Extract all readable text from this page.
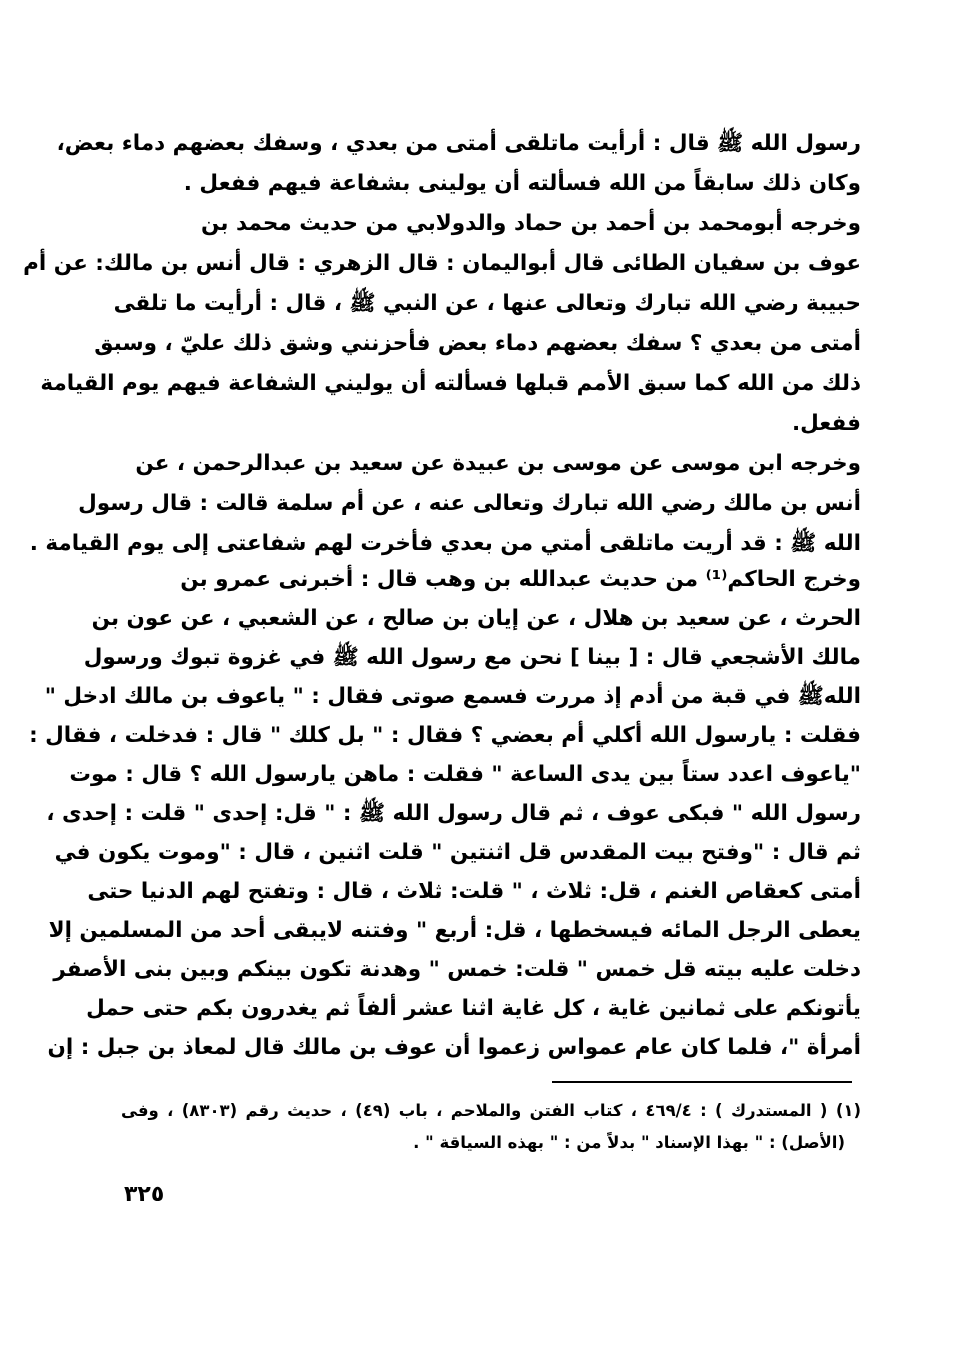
رسول الله ﷺ قال : أرأيت ماتلقى أمتى من بعدي ، وسفك بعضهم دماء بعض،
وكان ذلك سابقاً من الله فسألته أن يولينى بشفاعة فيهم ففعل .
وخرجه أبومحمد بن أحمد بن حماد والدولابي من حديث محمد بن
عوف بن سفيان الطائى قال أبواليمان : قال الزهري : قال أنس بن مالك: عن أم
حبيبة رضي الله تبارك وتعالى عنها ، عن النبي ﷺ ، قال : أرأيت ما تلقى
أمتى من بعدي ؟ سفك بعضهم دماء بعض فأحزنني وشق ذلك عليّ ، وسبق
ذلك من الله كما سبق الأمم قبلها فسألته أن يوليني الشفاعة فيهم يوم القيامة
ففعل.
وخرجه ابن موسى عن موسى بن عبيدة عن سعيد بن عبدالرحمن ، عن
أنس بن مالك رضي الله تبارك وتعالى عنه ، عن أم سلمة قالت : قال رسول
الله ﷺ : قد أريت ماتلقى أمتي من بعدي فأخرت لهم شفاعتى إلى يوم القيامة .
وخرج الحاكم⁽¹⁾ من حديث عبدالله بن وهب قال : أخبرنى عمرو بن
الحرث ، عن سعيد بن هلال ، عن إيان بن صالح ، عن الشعبي ، عن عون بن
مالك الأشجعي قال : [ بينا ] نحن مع رسول الله ﷺ في غزوة تبوك ورسول
اللهﷺ في قبة من أدم إذ مررت فسمع صوتى فقال : " ياعوف بن مالك ادخل "
فقلت : يارسول الله أكلي أم بعضي ؟ فقال : " بل كلك " قال : فدخلت ، فقال :
"ياعوف اعدد ستاً بين يدى الساعة " فقلت : ماهن يارسول الله ؟ قال : موت
رسول الله " فبكى عوف ، ثم قال رسول الله ﷺ : " قل: إحدى " قلت : إحدى ،
ثم قال : "وفتح بيت المقدس قل اثنتين " قلت اثنين ، قال : "وموت يكون في
أمتى كعقاص الغنم ، قل: ثلاث ، " قلت: ثلاث ، قال : وتفتح لهم الدنيا حتى
يعطى الرجل المائه فيسخطها ، قل: أربع " وفتنه لايبقى أحد من المسلمين إلا
دخلت عليه بيته قل خمس " قلت: خمس " وهدنة تكون بينكم وبين بنى الأصفر
يأتونكم على ثمانين غاية ، كل غاية اثنا عشر ألفاً ثم يغدرون بكم حتى حمل
أمرأة "، فلما كان عام عمواس زعموا أن عوف بن مالك قال لمعاذ بن جبل : إن
(١) ( المستدرك ) : ٤٦٩/٤ ، كتاب الفتن والملاحم ، باب (٤٩) ، حديث رقم (٨٣٠٣) ، وفى
(الأصل) : " بهذا الإسناد " بدلاً من : " بهذه السياقة " .
٣٢٥
